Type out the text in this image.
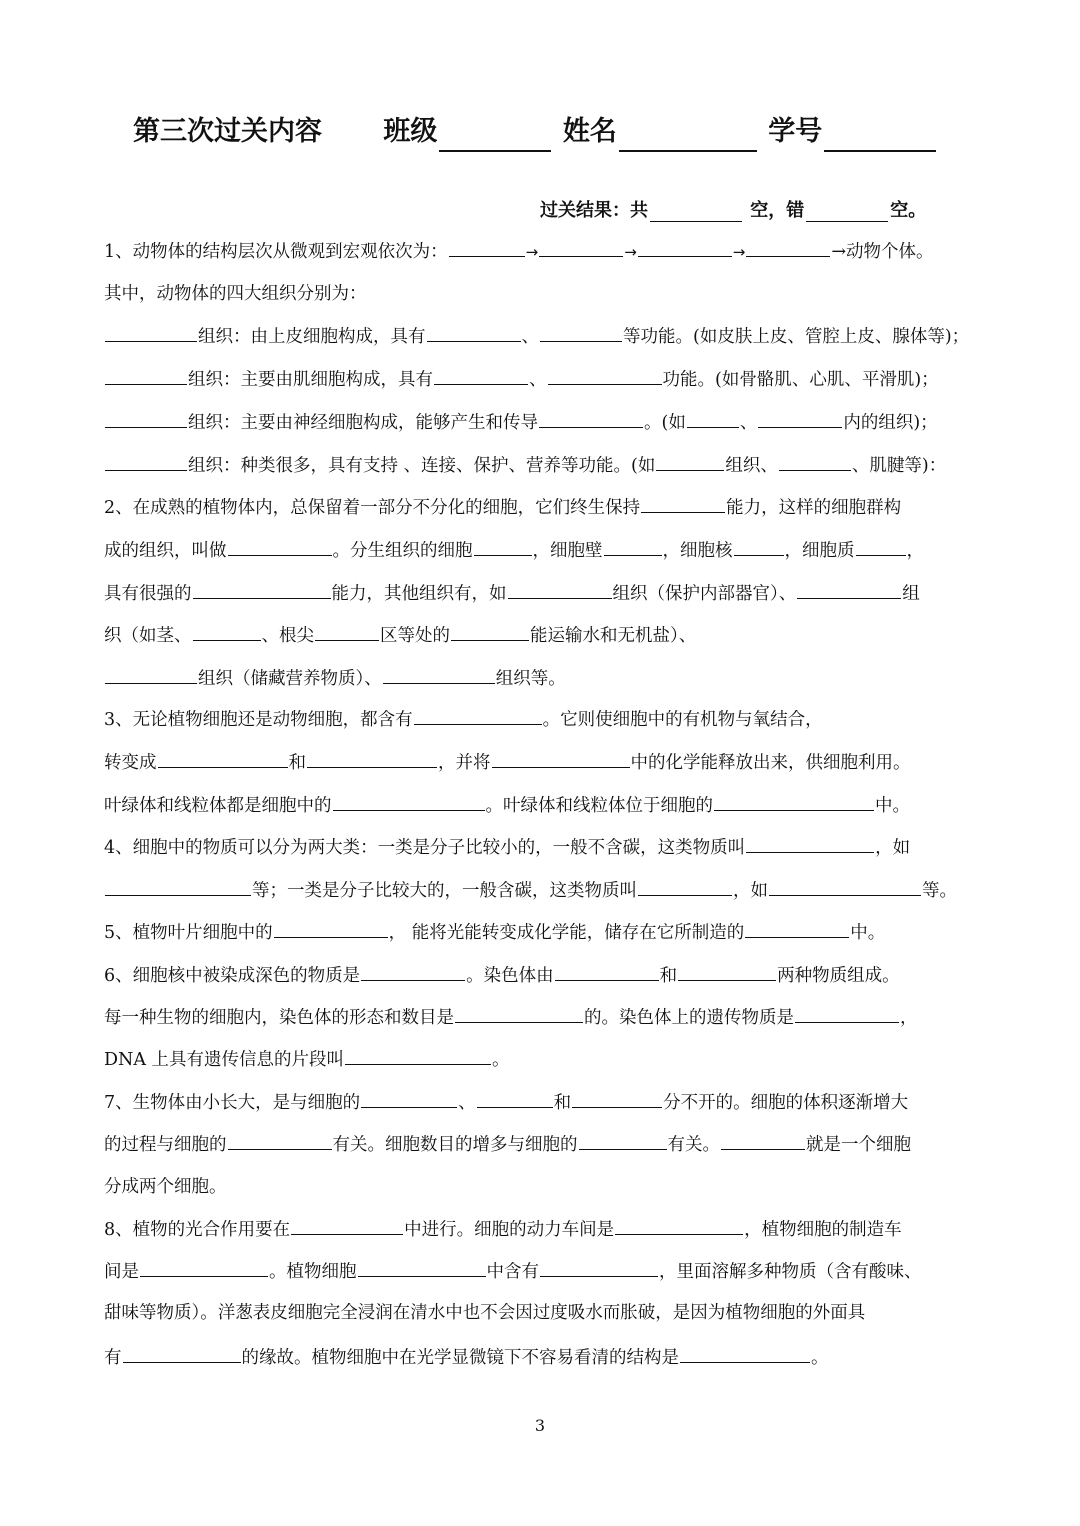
第三次过关内容 班级	姓名	学号
过关结果：共	空，错	空。
1、动物体的结构层次从微观到宏观依次为：	→	→	→	→动物个体。
其中，动物体的四大组织分别为：
组织：由上皮细胞构成，具有	、	等功能。(如皮肤上皮、管腔上皮、腺体等)；
组织：主要由肌细胞构成，具有	、	功能。(如骨骼肌、心肌、平滑肌)；
组织：主要由神经细胞构成，能够产生和传导	。(如	、	内的组织)；
组织：种类很多，具有支持 、连接、保护、营养等功能。(如	组织、	、肌腱等)：
2、在成熟的植物体内，总保留着一部分不分化的细胞，它们终生保持	能力，这样的细胞群构
成的组织，叫做	。分生组织的细胞	，细胞壁	，细胞核	，细胞质	，
具有很强的	能力，其他组织有，如	组织（保护内部器官）、	组
织（如茎、	、根尖	区等处的	能运输水和无机盐）、
组织（储藏营养物质）、	组织等。
3、无论植物细胞还是动物细胞，都含有	。它则使细胞中的有机物与氧结合，
转变成	和	，并将	中的化学能释放出来，供细胞利用。
叶绿体和线粒体都是细胞中的	。叶绿体和线粒体位于细胞的	中。
4、细胞中的物质可以分为两大类：一类是分子比较小的，一般不含碳，这类物质叫	，如
等；一类是分子比较大的，一般含碳，这类物质叫	，如	等。
5、植物叶片细胞中的	， 能将光能转变成化学能，储存在它所制造的	中。
6、细胞核中被染成深色的物质是	。染色体由	和	两种物质组成。
每一种生物的细胞内，染色体的形态和数目是	的。染色体上的遗传物质是	，
DNA 上具有遗传信息的片段叫	。
7、生物体由小长大，是与细胞的	、	和	分不开的。细胞的体积逐渐增大
的过程与细胞的	有关。细胞数目的增多与细胞的	有关。	就是一个细胞
分成两个细胞。
8、植物的光合作用要在	中进行。细胞的动力车间是	，植物细胞的制造车
间是	。植物细胞	中含有	，里面溶解多种物质（含有酸味、
甜味等物质）。洋葱表皮细胞完全浸润在清水中也不会因过度吸水而胀破，是因为植物细胞的外面具
有	的缘故。植物细胞中在光学显微镜下不容易看清的结构是	。
3
